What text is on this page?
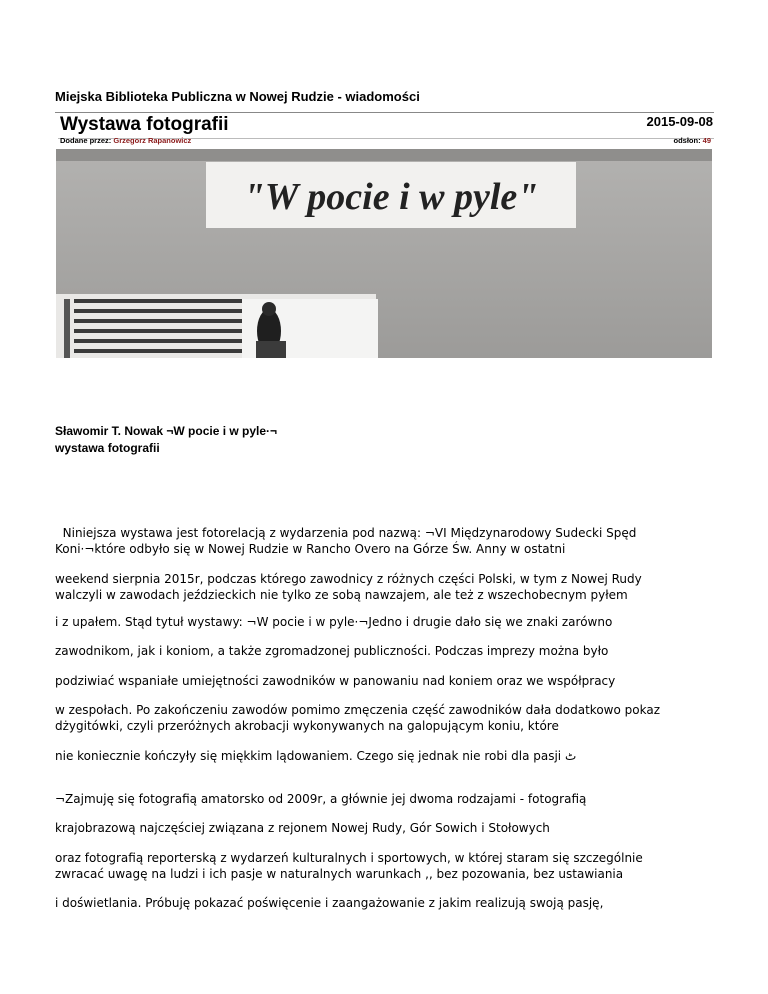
Miejska Biblioteka Publiczna w Nowej Rudzie - wiadomości
Wystawa fotografii	2015-09-08
Dodane przez: Grzegorz Rapanowicz	odsłon: 49
"W pocie i w pyle"
Sławomir T. Nowak ¬W pocie i w pyle·¬
wystawa fotografii
Niniejsza wystawa jest fotorelacją z wydarzenia pod nazwą: ¬VI Międzynarodowy Sudecki Spęd
Koni·¬które odbyło się w Nowej Rudzie w Rancho Overo na Górze Św. Anny w ostatni
weekend sierpnia 2015r, podczas którego zawodnicy z różnych części Polski, w tym z Nowej Rudy
walczyli w zawodach jeździeckich nie tylko ze sobą nawzajem, ale też z wszechobecnym pyłem
i z upałem. Stąd tytuł wystawy: ¬W pocie i w pyle·¬Jedno i drugie dało się we znaki zarówno
zawodnikom, jak i koniom, a także zgromadzonej publiczności. Podczas imprezy można było
podziwiać wspaniałe umiejętności zawodników w panowaniu nad koniem oraz we współpracy
w zespołach. Po zakończeniu zawodów pomimo zmęczenia część zawodników dała dodatkowo pokaz
dżygitówki, czyli przeróżnych akrobacji wykonywanych na galopującym koniu, które
nie koniecznie kończyły się miękkim lądowaniem. Czego się jednak nie robi dla pasji ٹ
¬Zajmuję się fotografią amatorsko od 2009r, a głównie jej dwoma rodzajami - fotografią
krajobrazową najczęściej związana z rejonem Nowej Rudy, Gór Sowich i Stołowych
oraz fotografią reporterską z wydarzeń kulturalnych i sportowych, w której staram się szczególnie
zwracać uwagę na ludzi i ich pasje w naturalnych warunkach ‚‚ bez pozowania, bez ustawiania
i doświetlania. Próbuję pokazać poświęcenie i zaangażowanie z jakim realizują swoją pasję,
